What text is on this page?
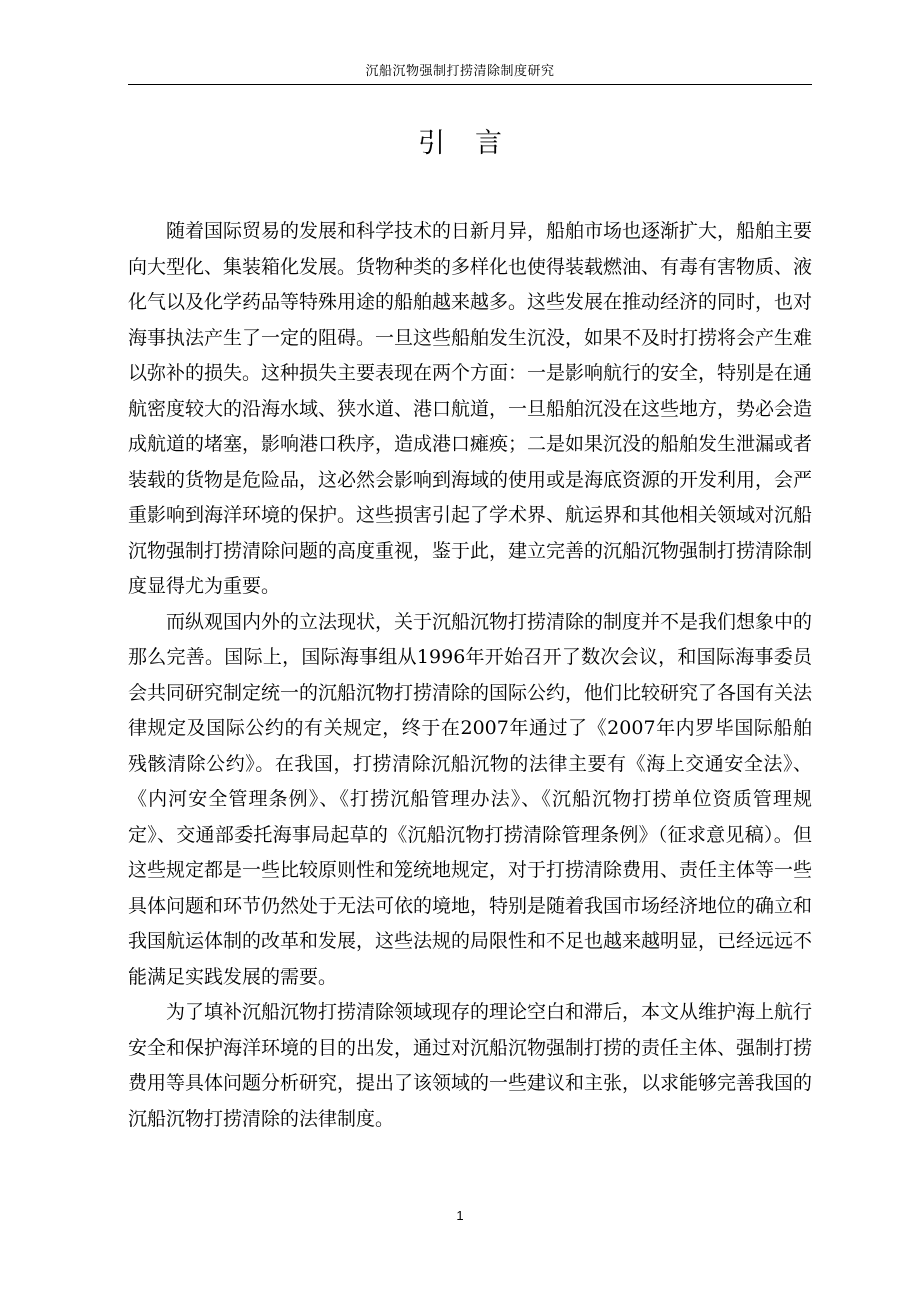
沉船沉物强制打捞清除制度研究
引言

随着国际贸易的发展和科学技术的日新月异，船舶市场也逐渐扩大，船舶主要向大型化、集装箱化发展。货物种类的多样化也使得装载燃油、有毒有害物质、液化气以及化学药品等特殊用途的船舶越来越多。这些发展在推动经济的同时，也对海事执法产生了一定的阻碍。一旦这些船舶发生沉没，如果不及时打捞将会产生难以弥补的损失。这种损失主要表现在两个方面：一是影响航行的安全，特别是在通航密度较大的沿海水域、狭水道、港口航道，一旦船舶沉没在这些地方，势必会造成航道的堵塞，影响港口秩序，造成港口瘫痪；二是如果沉没的船舶发生泄漏或者装载的货物是危险品，这必然会影响到海域的使用或是海底资源的开发利用，会严重影响到海洋环境的保护。这些损害引起了学术界、航运界和其他相关领域对沉船沉物强制打捞清除问题的高度重视，鉴于此，建立完善的沉船沉物强制打捞清除制度显得尤为重要。

而纵观国内外的立法现状，关于沉船沉物打捞清除的制度并不是我们想象中的那么完善。国际上，国际海事组从1996年开始召开了数次会议，和国际海事委员会共同研究制定统一的沉船沉物打捞清除的国际公约，他们比较研究了各国有关法律规定及国际公约的有关规定，终于在2007年通过了《2007年内罗毕国际船舶残骸清除公约》。在我国，打捞清除沉船沉物的法律主要有《海上交通安全法》、《内河安全管理条例》、《打捞沉船管理办法》、《沉船沉物打捞单位资质管理规定》、交通部委托海事局起草的《沉船沉物打捞清除管理条例》（征求意见稿）。但这些规定都是一些比较原则性和笼统地规定，对于打捞清除费用、责任主体等一些具体问题和环节仍然处于无法可依的境地，特别是随着我国市场经济地位的确立和我国航运体制的改革和发展，这些法规的局限性和不足也越来越明显，已经远远不能满足实践发展的需要。

为了填补沉船沉物打捞清除领域现存的理论空白和滞后，本文从维护海上航行安全和保护海洋环境的目的出发，通过对沉船沉物强制打捞的责任主体、强制打捞费用等具体问题分析研究，提出了该领域的一些建议和主张，以求能够完善我国的沉船沉物打捞清除的法律制度。

1
